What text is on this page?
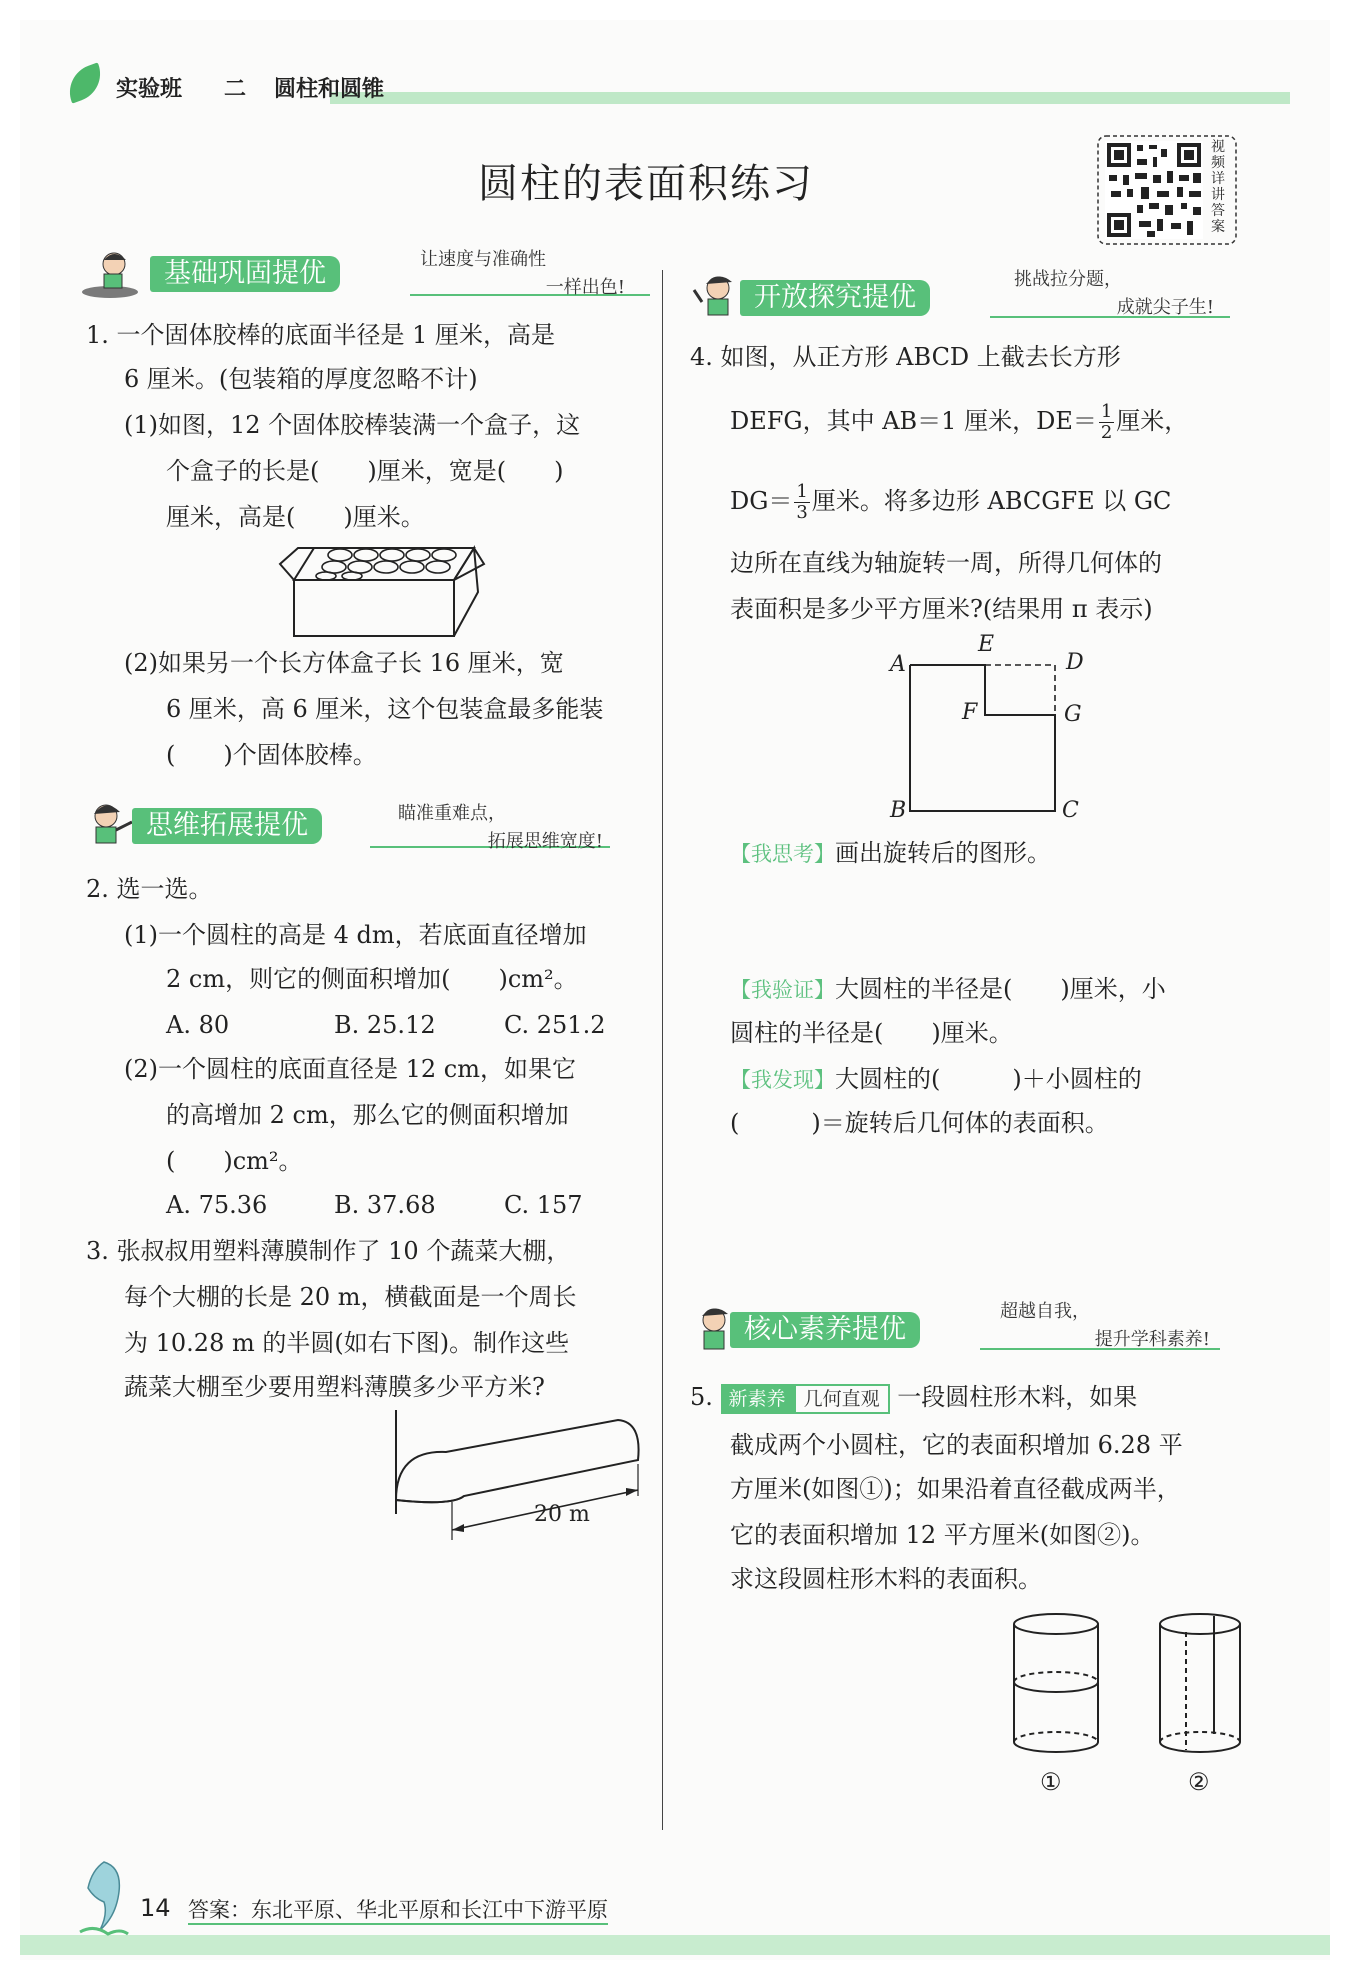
实验班 二 圆柱和圆锥
圆柱的表面积练习
视频详讲答案
基础巩固提优	让速度与准确性
一样出色!
1. 一个固体胶棒的底面半径是 1 厘米，高是
6 厘米。(包装箱的厚度忽略不计)
(1)如图，12 个固体胶棒装满一个盒子，这
个盒子的长是(　　)厘米，宽是(　　)
厘米，高是(　　)厘米。
(2)如果另一个长方体盒子长 16 厘米，宽
6 厘米，高 6 厘米，这个包装盒最多能装
(　　)个固体胶棒。
思维拓展提优	瞄准重难点，
拓展思维宽度!
2. 选一选。
(1)一个圆柱的高是 4 dm，若底面直径增加
2 cm，则它的侧面积增加(　　)cm²。
A. 80	B. 25.12	C. 251.2
(2)一个圆柱的底面直径是 12 cm，如果它
的高增加 2 cm，那么它的侧面积增加
(　　)cm²。
A. 75.36	B. 37.68	C. 157
3. 张叔叔用塑料薄膜制作了 10 个蔬菜大棚，
每个大棚的长是 20 m，横截面是一个周长
为 10.28 m 的半圆(如右下图)。制作这些
蔬菜大棚至少要用塑料薄膜多少平方米?
20 m
开放探究提优
挑战拉分题，
成就尖子生!
4. 如图，从正方形 ABCD 上截去长方形
DEFG，其中 AB＝1 厘米，$DE= \frac{1}{2}$ 厘米，
$DG= \frac{1}{3}$ 厘米。将多边形 ABCGFE 以 GC
边所在直线为轴旋转一周，所得几何体的
表面积是多少平方厘米?(结果用 π 表示)
A
E
D
F	G
B	C
【我思考】画出旋转后的图形。
【我验证】大圆柱的半径是(　　)厘米，小
圆柱的半径是(　　)厘米。
【我发现】大圆柱的(　　　)＋小圆柱的
(　　　)＝旋转后几何体的表面积。
核心素养提优
超越自我，
提升学科素养!
5. 新素养 几何直观 一段圆柱形木料，如果
截成两个小圆柱，它的表面积增加 6.28 平
方厘米(如图①)；如果沿着直径截成两半，
它的表面积增加 12 平方厘米(如图②)。
求这段圆柱形木料的表面积。
①	②
14 答案：东北平原、华北平原和长江中下游平原
